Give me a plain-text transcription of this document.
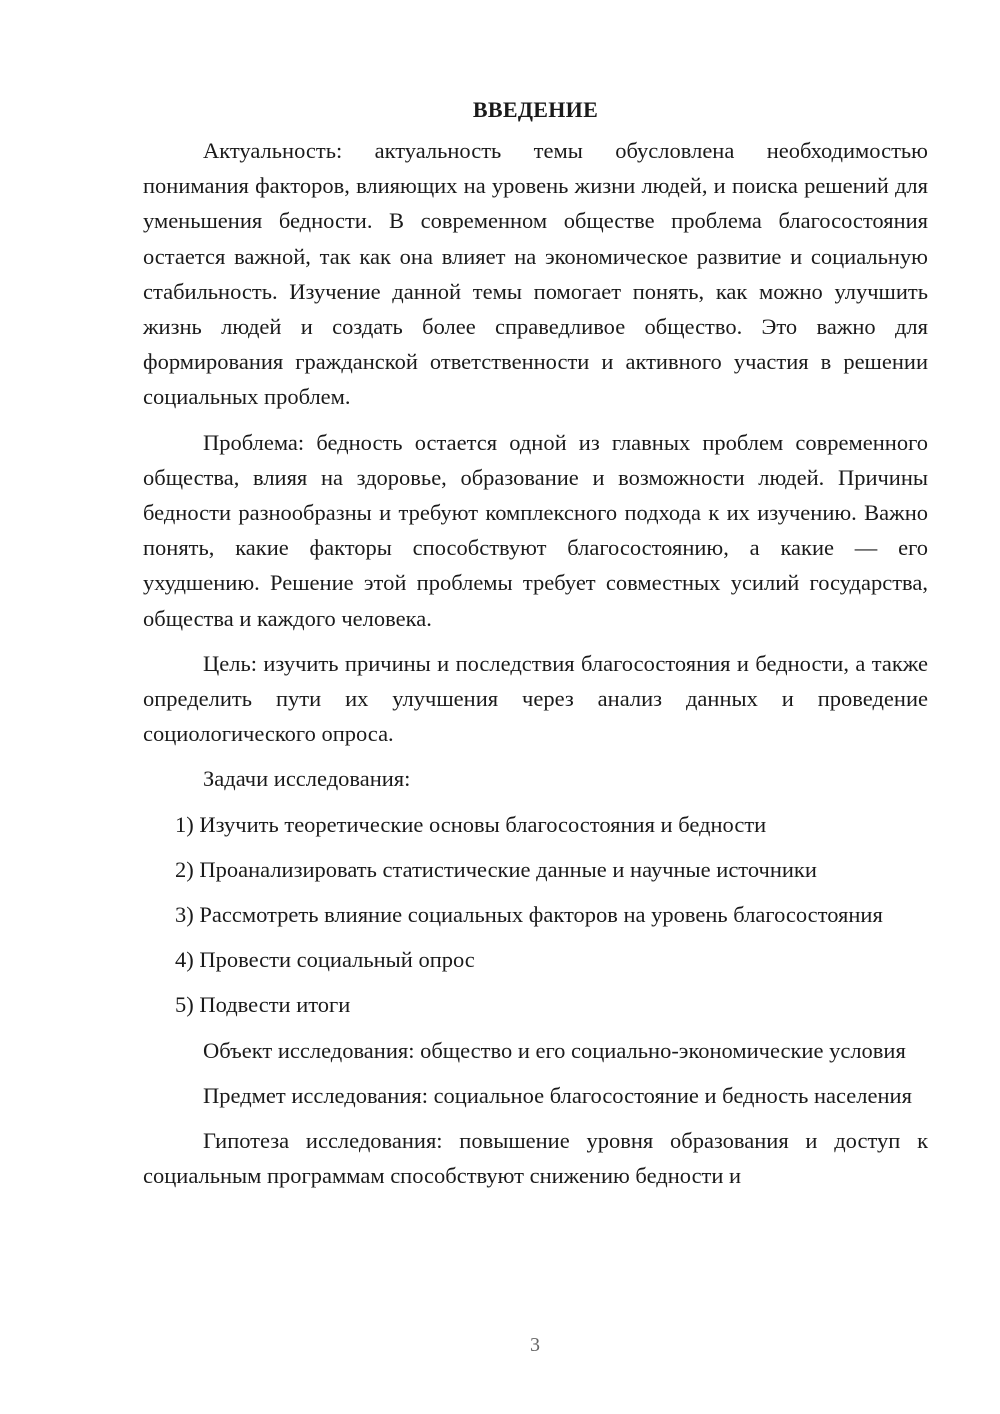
ВВЕДЕНИЕ

Актуальность: актуальность темы обусловлена необходимостью понимания факторов, влияющих на уровень жизни людей, и поиска решений для уменьшения бедности. В современном обществе проблема благосостояния остается важной, так как она влияет на экономическое развитие и социальную стабильность. Изучение данной темы помогает понять, как можно улучшить жизнь людей и создать более справедливое общество. Это важно для формирования гражданской ответственности и активного участия в решении социальных проблем.

Проблема: бедность остается одной из главных проблем современного общества, влияя на здоровье, образование и возможности людей. Причины бедности разнообразны и требуют комплексного подхода к их изучению. Важно понять, какие факторы способствуют благосостоянию, а какие — его ухудшению. Решение этой проблемы требует совместных усилий государства, общества и каждого человека.

Цель: изучить причины и последствия благосостояния и бедности, а также определить пути их улучшения через анализ данных и проведение социологического опроса.

Задачи исследования:

1) Изучить теоретические основы благосостояния и бедности

2) Проанализировать статистические данные и научные источники

3) Рассмотреть влияние социальных факторов на уровень благосостояния

4) Провести социальный опрос

5) Подвести итоги

Объект исследования: общество и его социально-экономические условия

Предмет исследования: социальное благосостояние и бедность населения

Гипотеза исследования: повышение уровня образования и доступ к социальным программам способствуют снижению бедности и

3
